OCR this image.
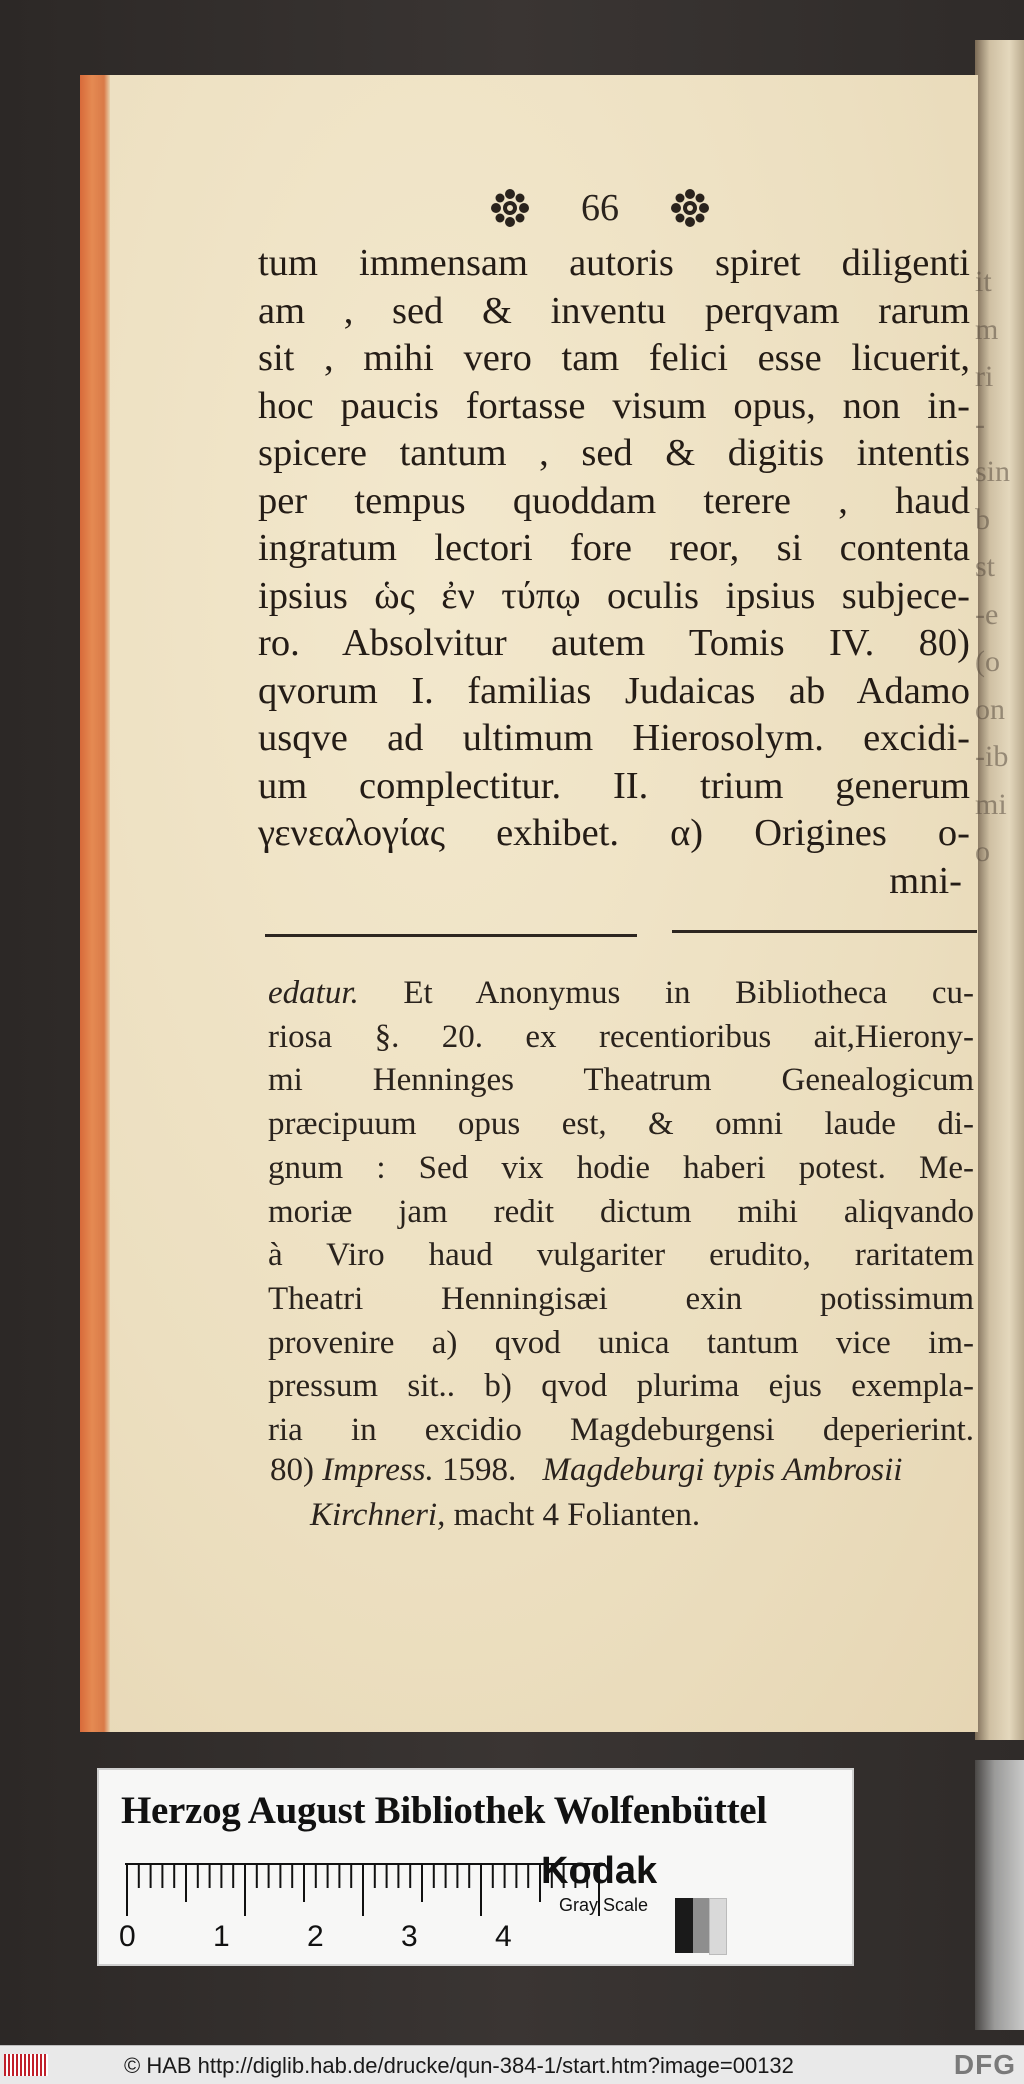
66
tum immensam autoris spiret diligenti
am , sed & inventu perqvam rarum
sit , mihi vero tam felici esse licuerit,
hoc paucis fortasse visum opus, non in-
spicere tantum , sed & digitis intentis
per tempus quoddam terere , haud
ingratum lectori fore reor, si contenta
ipsius ὡς ἐν τύπῳ oculis ipsius subjece-
ro. Absolvitur autem Tomis IV. 80)
qvorum I. familias Judaicas ab Adamo
usqve ad ultimum Hierosolym. excidi-
um complectitur. II. trium generum
γενεαλογίας exhibet. α) Origines o-
mni-
edatur. Et Anonymus in Bibliotheca cu-
riosa §. 20. ex recentioribus ait,Hierony-
mi Henninges Theatrum Genealogicum
præcipuum opus est, & omni laude di-
gnum : Sed vix hodie haberi potest. Me-
moriæ jam redit dictum mihi aliqvando
à Viro haud vulgariter erudito, raritatem
Theatri Henningisæi exin potissimum
provenire a) qvod unica tantum vice im-
pressum sit.. b) qvod plurima ejus exempla-
ria in excidio Magdeburgensi deperierint.
80) Impress. 1598. Magdeburgi typis Ambrosii
Kirchneri, macht 4 Folianten.
it
m
ri
-
sin
b
st
-e
(o
on
-ib
mi
o
Herzog August Bibliothek Wolfenbüttel
0	1	2	3	4
Kodak
Gray Scale
© HAB http://diglib.hab.de/drucke/qun-384-1/start.htm?image=00132	DFG
